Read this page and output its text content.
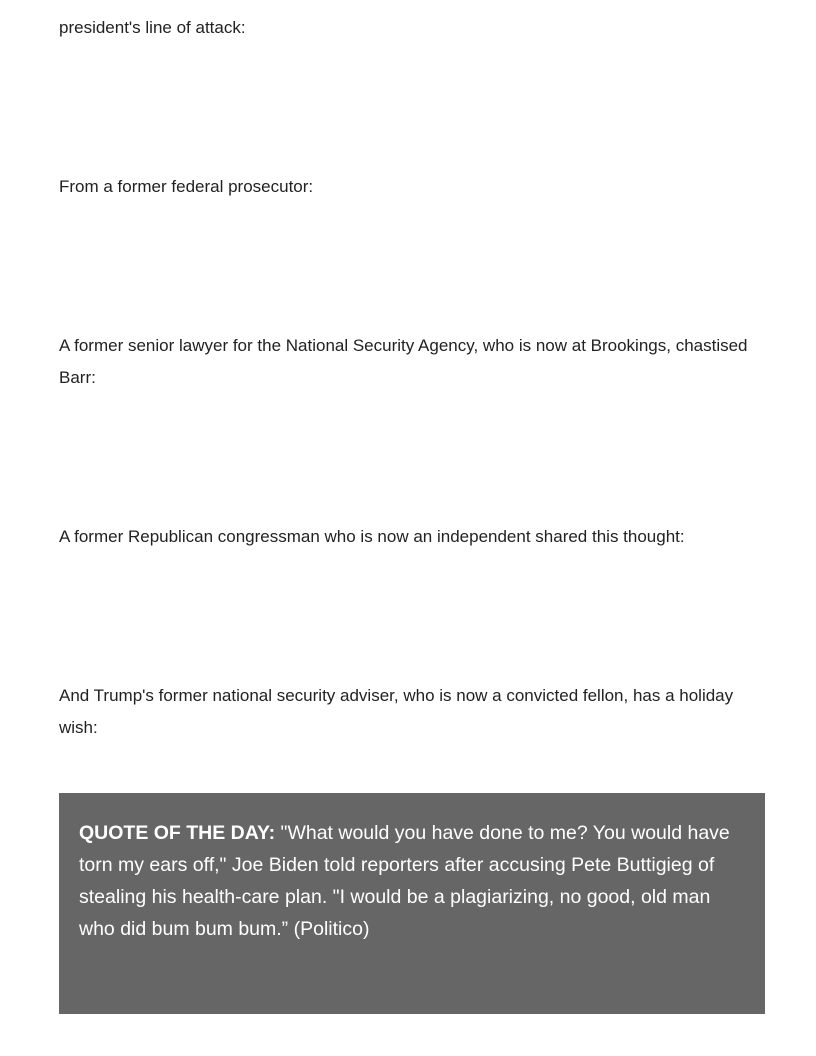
president's line of attack:

From a former federal prosecutor:

A former senior lawyer for the National Security Agency, who is now at Brookings, chastised Barr:

A former Republican congressman who is now an independent shared this thought:

And Trump's former national security adviser, who is now a convicted fellon, has a holiday wish:

QUOTE OF THE DAY: "What would you have done to me? You would have torn my ears off," Joe Biden told reporters after accusing Pete Buttigieg of stealing his health-care plan. "I would be a plagiarizing, no good, old man who did bum bum bum.” (Politico)
